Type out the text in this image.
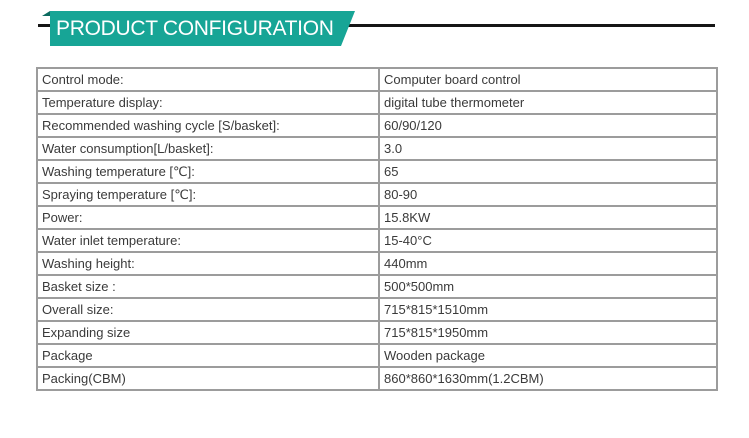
PRODUCT CONFIGURATION
Control mode:	Computer board control
Temperature display:	digital tube thermometer
Recommended washing cycle [S/basket]:	60/90/120
Water consumption[L/basket]:	3.0
Washing temperature [℃]:	65
Spraying temperature [℃]:	80-90
Power:	15.8KW
Water inlet temperature:	15-40°C
Washing height:	440mm
Basket size :	500*500mm
Overall size:	715*815*1510mm
Expanding size	715*815*1950mm
Package	Wooden package
Packing(CBM)	860*860*1630mm(1.2CBM)
